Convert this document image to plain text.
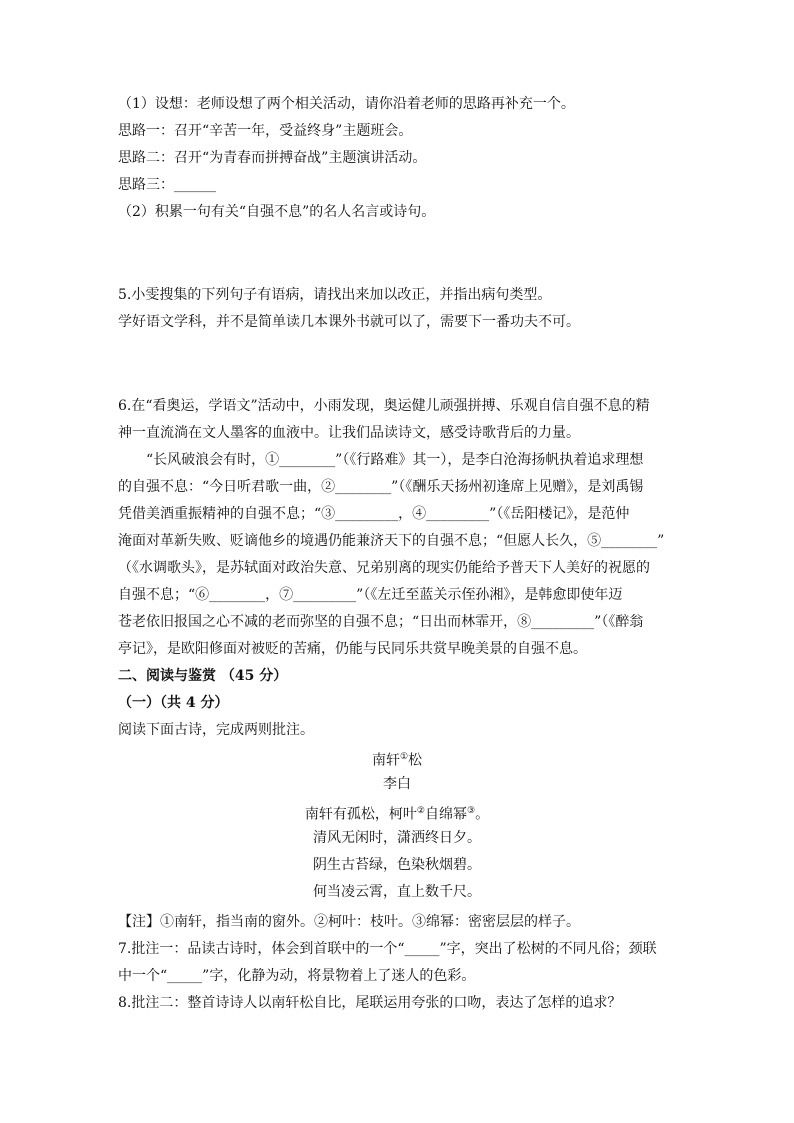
（1）设想：老师设想了两个相关活动，请你沿着老师的思路再补充一个。
思路一：召开“辛苦一年，受益终身”主题班会。
思路二：召开“为青春而拼搏奋战”主题演讲活动。
思路三：______
（2）积累一句有关“自强不息”的名人名言或诗句。
5.小雯搜集的下列句子有语病，请找出来加以改正，并指出病句类型。
学好语文学科，并不是简单读几本课外书就可以了，需要下一番功夫不可。
6.在“看奥运，学语文”活动中，小雨发现，奥运健儿顽强拼搏、乐观自信自强不息的精
神一直流淌在文人墨客的血液中。让我们品读诗文，感受诗歌背后的力量。
“长风破浪会有时，①________”（《行路难》其一），是李白沧海扬帆执着追求理想
的自强不息：“今日听君歌一曲，②________”（《酬乐天扬州初逢席上见赠》，是刘禹锡
凭借美酒重振精神的自强不息；“③_________，④_________”（《岳阳楼记》，是范仲
淹面对革新失败、贬谪他乡的境遇仍能兼济天下的自强不息；“但愿人长久，⑤________”
（《水调歌头》，是苏轼面对政治失意、兄弟别离的现实仍能给予普天下人美好的祝愿的
自强不息；“⑥________，⑦_________”（《左迁至蓝关示侄孙湘》，是韩愈即使年迈
苍老依旧报国之心不减的老而弥坚的自强不息；“日出而林霏开，⑧_________”（《醉翁
亭记》，是欧阳修面对被贬的苦痛，仍能与民同乐共赏早晚美景的自强不息。
二、阅读与鉴赏 （45 分）
（一）（共 4 分）
阅读下面古诗，完成两则批注。
南轩①松
李白
南轩有孤松，柯叶②自绵幂③。
清风无闲时，潇洒终日夕。
阴生古苔绿，色染秋烟碧。
何当凌云霄，直上数千尺。
【注】①南轩，指当南的窗外。②柯叶：枝叶。③绵幂：密密层层的样子。
7.批注一：品读古诗时，体会到首联中的一个“_____”字，突出了松树的不同凡俗；颈联
中一个“_____”字，化静为动，将景物着上了迷人的色彩。
8.批注二：整首诗诗人以南轩松自比，尾联运用夸张的口吻，表达了怎样的追求？
